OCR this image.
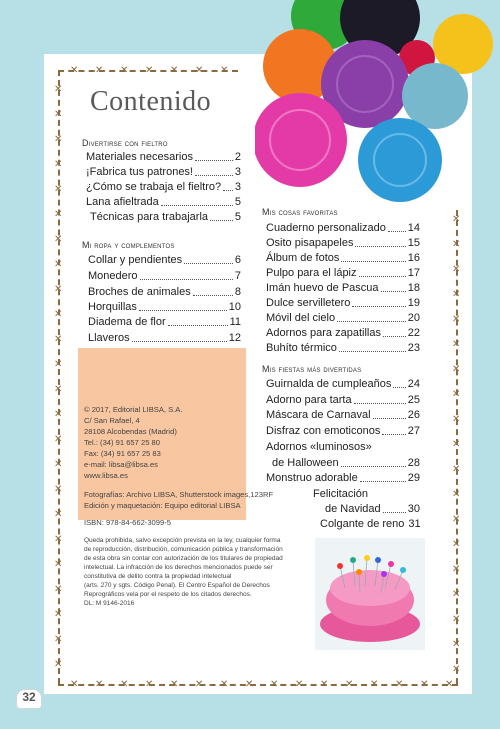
Contenido
Divertirse con fieltro
Materiales necesarios	2
¡Fabrica tus patrones!	3
¿Cómo se trabaja el fieltro? 3
Lana afieltrada	5
Técnicas para trabajarla 5
Mi ropa y complementos
Collar y pendientes	6
Monedero	7
Broches de animales	8
Horquillas	10
Diadema de flor	11
Llaveros	12
Mis cosas favoritas
Cuaderno personalizado 14
Osito pisapapeles	15
Álbum de fotos	16
Pulpo para el lápiz	17
Imán huevo de Pascua	18
Dulce servilletero	19
Móvil del cielo	20
Adornos para zapatillas 22
Buhíto térmico	23
Mis fiestas más divertidas
Guirnalda de cumpleaños 24
Adorno para tarta	25
Máscara de Carnaval	26
Disfraz con emoticonos 27
Adornos «luminosos»
de Halloween	28
Monstruo adorable	29
Felicitación
de Navidad 30
Colgante de reno 31
© 2017, Editorial LIBSA, S.A.
C/ San Rafael, 4
28108 Alcobendas (Madrid)
Tel.: (34) 91 657 25 80
Fax: (34) 91 657 25 83
e-mail: libsa@libsa.es
www.libsa.es
Fotografías: Archivo LIBSA, Shutterstock images,123RF
Edición y maquetación: Equipo editorial LIBSA
ISBN: 978-84-662-3099-5
Queda prohibida, salvo excepción prevista en la ley, cualquier forma
de reproducción, distribución, comunicación pública y transformación
de esta obra sin contar con autorización de los titulares de propiedad
intelectual. La infracción de los derechos mencionados puede ser
constitutiva de delito contra la propiedad intelectual
(arts. 270 y sgts. Código Penal). El Centro Español de Derechos
Reprográficos vela por el respeto de los citados derechos.
DL: M 9146-2016
32
✕ ✕ ✕ ✕ ✕ ✕ ✕
✕ ✕ ✕ ✕ ✕ ✕ ✕ ✕ ✕ ✕ ✕ ✕ ✕ ✕ ✕ ✕
✕
✕
✕
✕
✕
✕
✕
✕
✕
✕
✕
✕
✕
✕
✕
✕
✕
✕
✕
✕
✕
✕
✕
✕
✕
✕
✕
✕
✕
✕
✕
✕
✕
✕
✕
✕
✕
✕
✕
✕
✕
✕
✕
